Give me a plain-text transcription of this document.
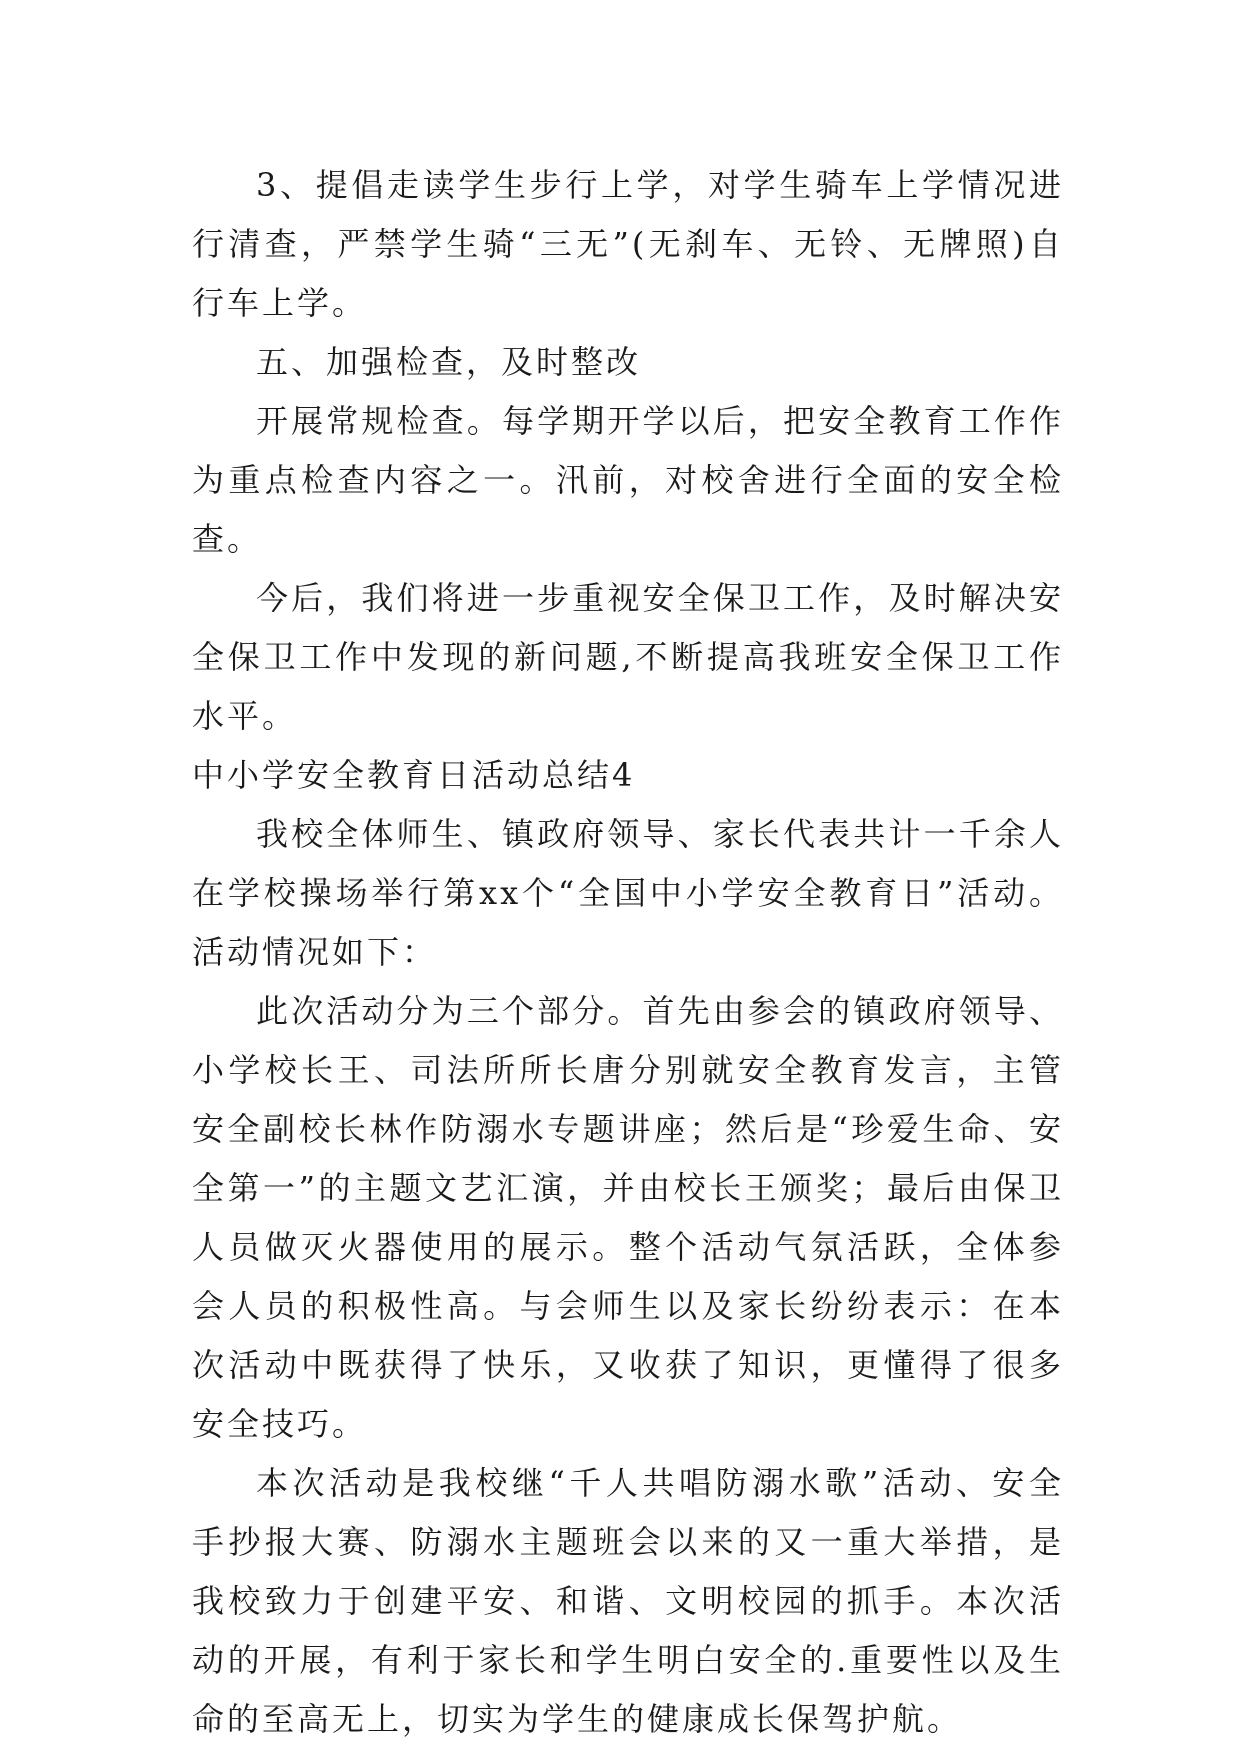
3、提倡走读学生步行上学，对学生骑车上学情况进行清查，严禁学生骑“三无”(无刹车、无铃、无牌照)自行车上学。

五、加强检查，及时整改

开展常规检查。每学期开学以后，把安全教育工作作为重点检查内容之一。汛前，对校舍进行全面的安全检查。

今后，我们将进一步重视安全保卫工作，及时解决安全保卫工作中发现的新问题,不断提高我班安全保卫工作水平。

中小学安全教育日活动总结4

我校全体师生、镇政府领导、家长代表共计一千余人在学校操场举行第xx个“全国中小学安全教育日”活动。活动情况如下：

此次活动分为三个部分。首先由参会的镇政府领导、小学校长王、司法所所长唐分别就安全教育发言，主管安全副校长林作防溺水专题讲座；然后是“珍爱生命、安全第一”的主题文艺汇演，并由校长王颁奖；最后由保卫人员做灭火器使用的展示。整个活动气氛活跃，全体参会人员的积极性高。与会师生以及家长纷纷表示：在本次活动中既获得了快乐，又收获了知识，更懂得了很多安全技巧。

本次活动是我校继“千人共唱防溺水歌”活动、安全手抄报大赛、防溺水主题班会以来的又一重大举措，是我校致力于创建平安、和谐、文明校园的抓手。本次活动的开展，有利于家长和学生明白安全的.重要性以及生命的至高无上，切实为学生的健康成长保驾护航。
